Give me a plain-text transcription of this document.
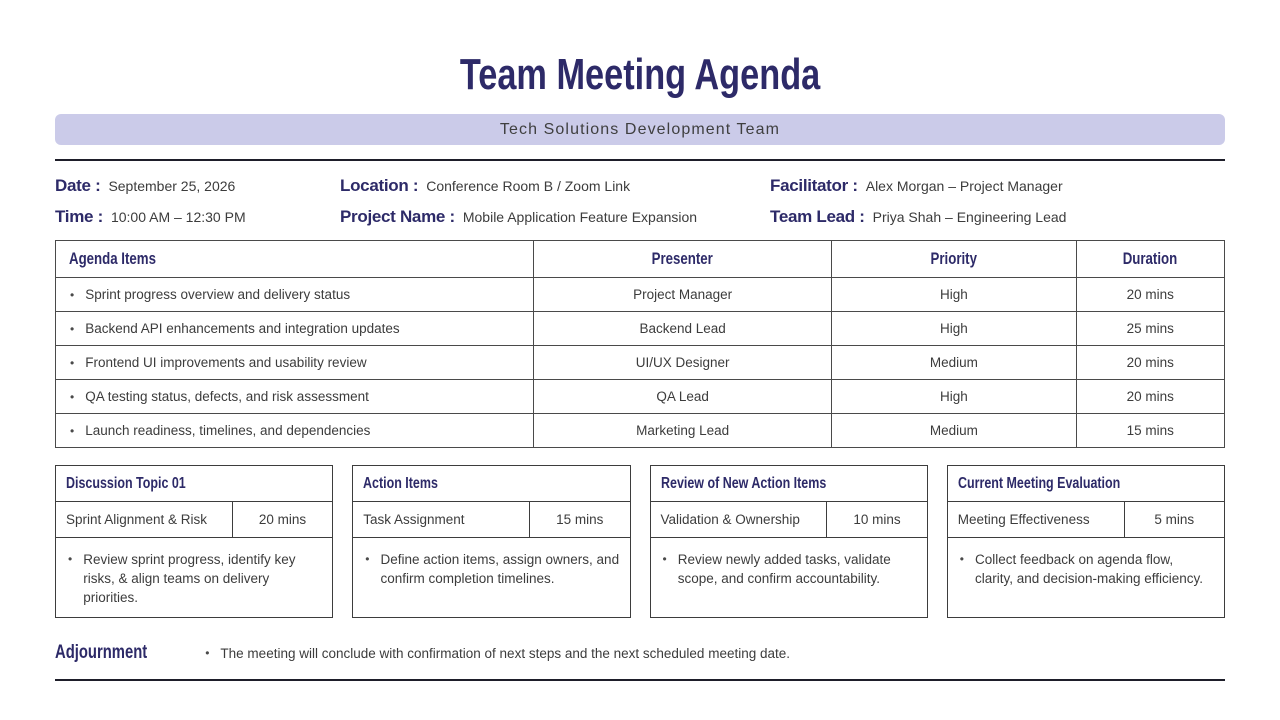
Team Meeting Agenda
Tech Solutions Development Team
Date : September 25, 2026	Location : Conference Room B / Zoom Link	Facilitator : Alex Morgan – Project Manager
Time : 10:00 AM – 12:30 PM	Project Name : Mobile Application Feature Expansion	Team Lead : Priya Shah – Engineering Lead
Agenda Items	Presenter	Priority	Duration

• Sprint progress overview and delivery status	Project Manager	High	20 mins

• Backend API enhancements and integration updates	Backend Lead	High	25 mins

• Frontend UI improvements and usability review	UI/UX Designer	Medium	20 mins

• QA testing status, defects, and risk assessment	QA Lead	High	20 mins

• Launch readiness, timelines, and dependencies	Marketing Lead	Medium	15 mins
Discussion Topic 01
Sprint Alignment & Risk	20 mins
• Review sprint progress, identify key risks, & align teams on delivery priorities.
Action Items
Task Assignment	15 mins
• Define action items, assign owners, and confirm completion timelines.
Review of New Action Items
Validation & Ownership	10 mins
• Review newly added tasks, validate scope, and confirm accountability.
Current Meeting Evaluation
Meeting Effectiveness	5 mins
• Collect feedback on agenda flow, clarity, and decision-making efficiency.
Adjournment	• The meeting will conclude with confirmation of next steps and the next scheduled meeting date.
